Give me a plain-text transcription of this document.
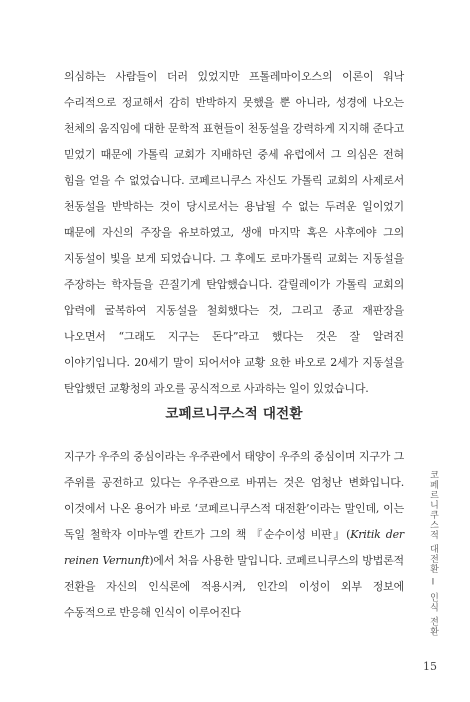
의심하는 사람들이 더러 있었지만 프톨레마이오스의 이론이 워낙 수리적으로 정교해서 감히 반박하지 못했을 뿐 아니라, 성경에 나오는 천체의 움직임에 대한 문학적 표현들이 천동설을 강력하게 지지해 준다고 믿었기 때문에 가톨릭 교회가 지배하던 중세 유럽에서 그 의심은 전혀 힘을 얻을 수 없었습니다. 코페르니쿠스 자신도 가톨릭 교회의 사제로서 천동설을 반박하는 것이 당시로서는 용납될 수 없는 두려운 일이었기 때문에 자신의 주장을 유보하였고, 생애 마지막 혹은 사후에야 그의 지동설이 빛을 보게 되었습니다. 그 후에도 로마가톨릭 교회는 지동설을 주장하는 학자들을 끈질기게 탄압했습니다. 갈릴레이가 가톨릭 교회의 압력에 굴복하여 지동설을 철회했다는 것, 그리고 종교 재판장을 나오면서 “그래도 지구는 돈다”라고 했다는 것은 잘 알려진 이야기입니다. 20세기 말이 되어서야 교황 요한 바오로 2세가 지동설을 탄압했던 교황청의 과오를 공식적으로 사과하는 일이 있었습니다.

코페르니쿠스적 대전환

지구가 우주의 중심이라는 우주관에서 태양이 우주의 중심이며 지구가 그 주위를 공전하고 있다는 우주관으로 바뀌는 것은 엄청난 변화입니다. 이것에서 나온 용어가 바로 ‘코페르니쿠스적 대전환’이라는 말인데, 이는 독일 철학자 이마누엘 칸트가 그의 책 『순수이성 비판』(Kritik der reinen Vernunft)에서 처음 사용한 말입니다. 코페르니쿠스의 방법론적 전환을 자신의 인식론에 적용시켜, 인간의 이성이 외부 정보에 수동적으로 반응해 인식이 이루어진다	코페르니쿠스적 대전환 Ⅰ 인식 전환
15
